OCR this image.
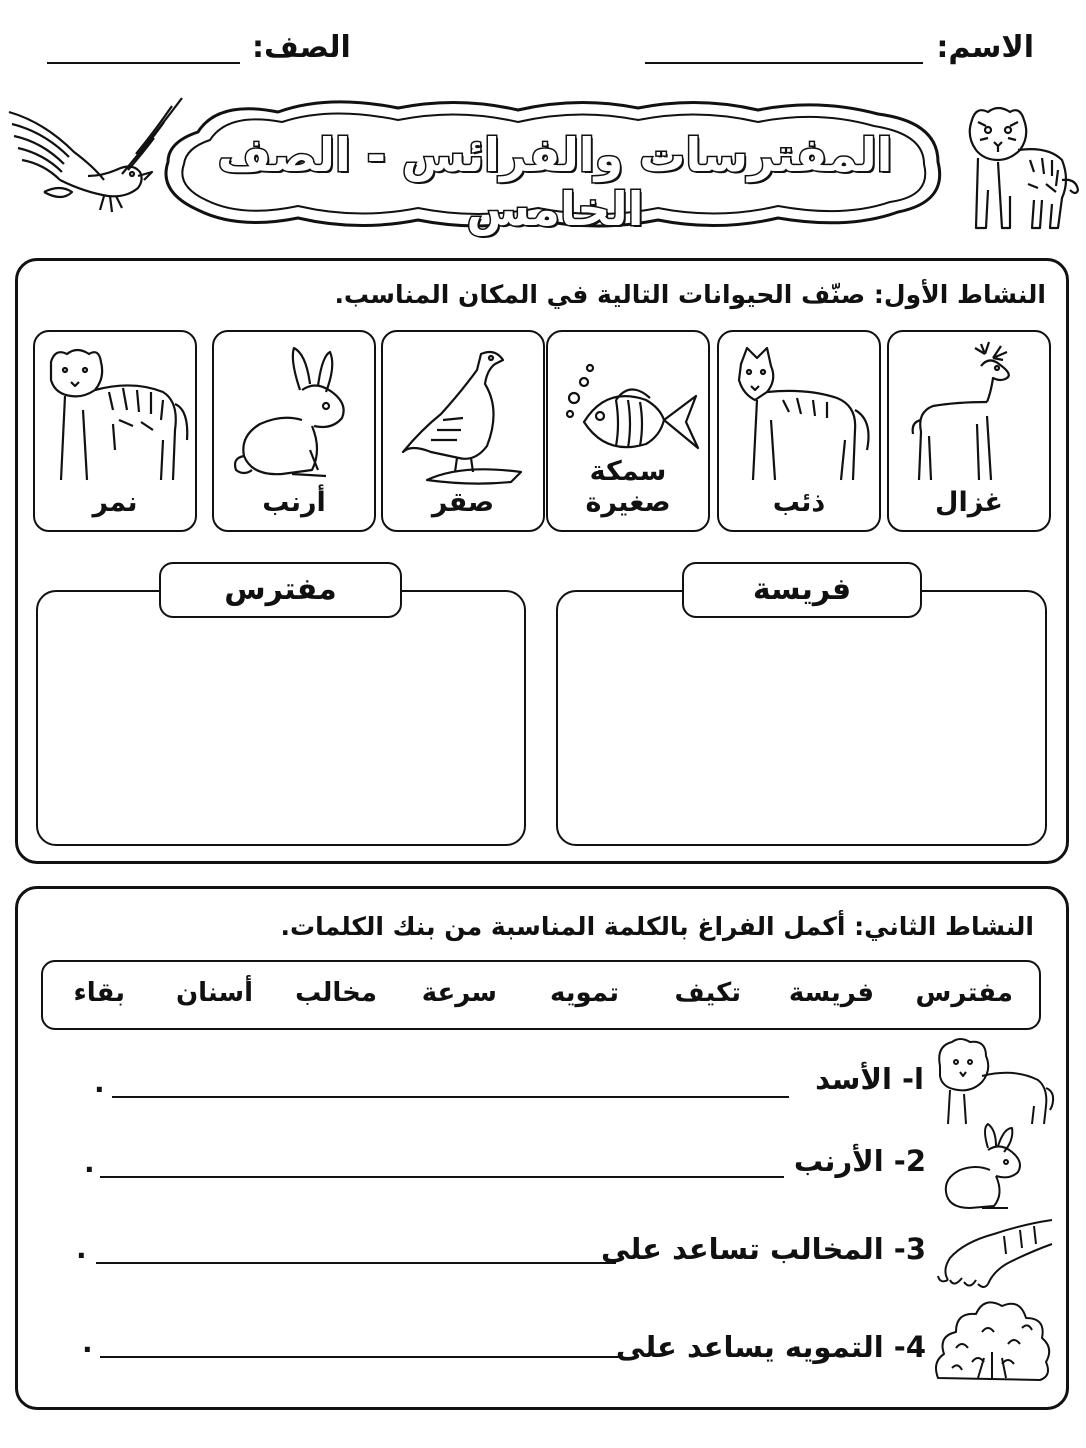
الاسم:
الصف:
المفترسات والفرائس - الصف الخامس
النشاط الأول: صنّف الحيوانات التالية في المكان المناسب.
غزال
ذئب
سمكة صغيرة
صقر
أرنب
نمر
فريسة
مفترس
النشاط الثاني: أكمل الفراغ بالكلمة المناسبة من بنك الكلمات.
مفترس
فريسة
تكيف
تمويه
سرعة
مخالب
أسنان
بقاء
ا- الأسد
.
2- الأرنب
.
3- المخالب تساعد على
.
4- التمويه يساعد على
.
